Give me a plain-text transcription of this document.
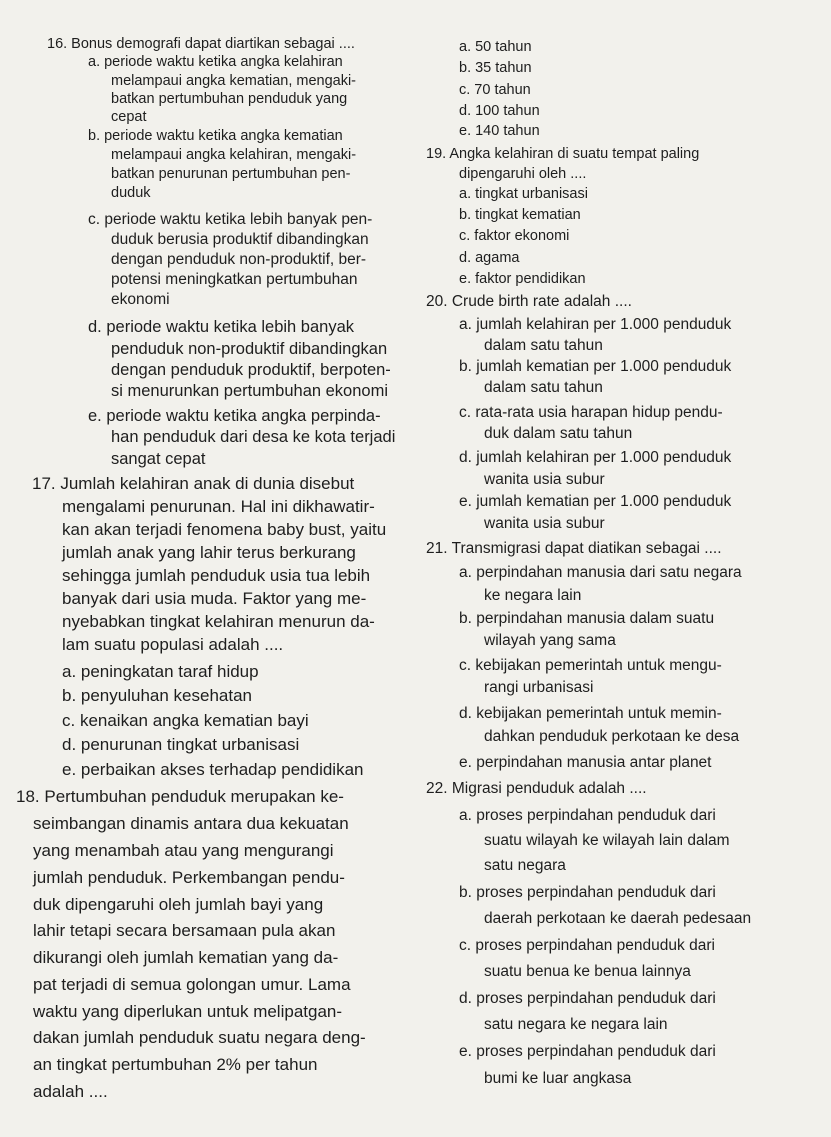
16. Bonus demografi dapat diartikan sebagai ....
a. periode waktu ketika angka kelahiran
melampaui angka kematian, mengaki-
batkan pertumbuhan penduduk yang
cepat
b. periode waktu ketika angka kematian
melampaui angka kelahiran, mengaki-
batkan penurunan pertumbuhan pen-
duduk
c. periode waktu ketika lebih banyak pen-
duduk berusia produktif dibandingkan
dengan penduduk non-produktif, ber-
potensi meningkatkan pertumbuhan
ekonomi
d. periode waktu ketika lebih banyak
penduduk non-produktif dibandingkan
dengan penduduk produktif, berpoten-
si menurunkan pertumbuhan ekonomi
e. periode waktu ketika angka perpinda-
han penduduk dari desa ke kota terjadi
sangat cepat
17. Jumlah kelahiran anak di dunia disebut
mengalami penurunan. Hal ini dikhawatir-
kan akan terjadi fenomena baby bust, yaitu
jumlah anak yang lahir terus berkurang
sehingga jumlah penduduk usia tua lebih
banyak dari usia muda. Faktor yang me-
nyebabkan tingkat kelahiran menurun da-
lam suatu populasi adalah ....
a. peningkatan taraf hidup
b. penyuluhan kesehatan
c. kenaikan angka kematian bayi
d. penurunan tingkat urbanisasi
e. perbaikan akses terhadap pendidikan
18. Pertumbuhan penduduk merupakan ke-
seimbangan dinamis antara dua kekuatan
yang menambah atau yang mengurangi
jumlah penduduk. Perkembangan pendu-
duk dipengaruhi oleh jumlah bayi yang
lahir tetapi secara bersamaan pula akan
dikurangi oleh jumlah kematian yang da-
pat terjadi di semua golongan umur. Lama
waktu yang diperlukan untuk melipatgan-
dakan jumlah penduduk suatu negara deng-
an tingkat pertumbuhan 2% per tahun
adalah ....
a. 50 tahun
b. 35 tahun
c. 70 tahun
d. 100 tahun
e. 140 tahun
19. Angka kelahiran di suatu tempat paling
dipengaruhi oleh ....
a. tingkat urbanisasi
b. tingkat kematian
c. faktor ekonomi
d. agama
e. faktor pendidikan
20. Crude birth rate adalah ....
a. jumlah kelahiran per 1.000 penduduk
dalam satu tahun
b. jumlah kematian per 1.000 penduduk
dalam satu tahun
c. rata-rata usia harapan hidup pendu-
duk dalam satu tahun
d. jumlah kelahiran per 1.000 penduduk
wanita usia subur
e. jumlah kematian per 1.000 penduduk
wanita usia subur
21. Transmigrasi dapat diatikan sebagai ....
a. perpindahan manusia dari satu negara
ke negara lain
b. perpindahan manusia dalam suatu
wilayah yang sama
c. kebijakan pemerintah untuk mengu-
rangi urbanisasi
d. kebijakan pemerintah untuk memin-
dahkan penduduk perkotaan ke desa
e. perpindahan manusia antar planet
22. Migrasi penduduk adalah ....
a. proses perpindahan penduduk dari
suatu wilayah ke wilayah lain dalam
satu negara
b. proses perpindahan penduduk dari
daerah perkotaan ke daerah pedesaan
c. proses perpindahan penduduk dari
suatu benua ke benua lainnya
d. proses perpindahan penduduk dari
satu negara ke negara lain
e. proses perpindahan penduduk dari
bumi ke luar angkasa
